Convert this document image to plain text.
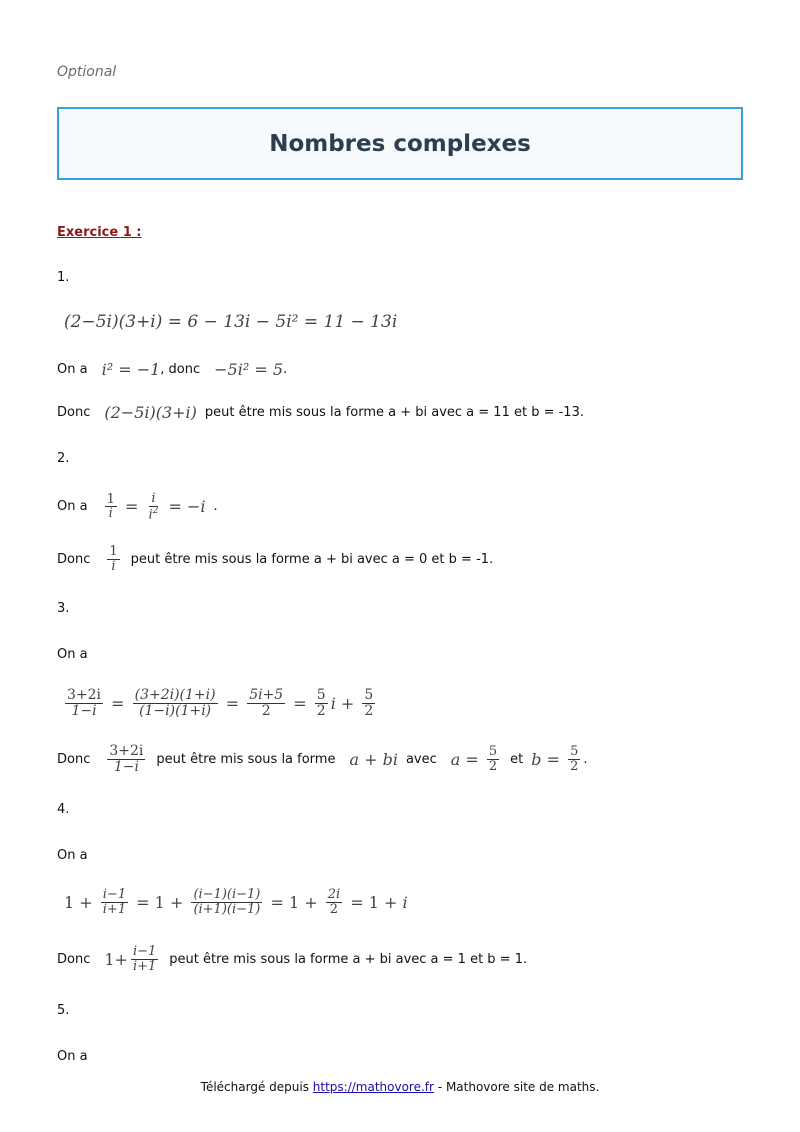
Optional
Nombres complexes
Exercice 1 :
1.
(2−5i)(3+i) = 6 − 13i − 5i² = 11 − 13i
On a i² = −1 , donc −5i² = 5 .
Donc (2−5i)(3+i) peut être mis sous la forme a + bi avec a = 11 et b = -13.
2.
On a $\frac{1}{i} = \frac{i}{i^2} = -i$ .
Donc $\frac{1}{i}$ peut être mis sous la forme a + bi avec a = 0 et b = -1.
3.
On a
$\frac{3+2i}{1-i} = \frac{(3+2i)(1+i)}{(1-i)(1+i)} = \frac{5i+5}{2} = \frac{5}{2}$ $i + \frac{5}{2}$
Donc $\frac{3+2i}{1-i}$ peut être mis sous la forme a + bi avec $a = \frac{5}{2}$ et $b = \frac{5}{2}$ .
4.
On a
$1 + \frac{i-1}{i+1} = 1 + \frac{(i-1)(i-1)}{(i+1)(i-1)} = 1 + \frac{2i}{2} = 1 + i$
Donc $1+ \frac{i-1}{i+1}$ peut être mis sous la forme a + bi avec a = 1 et b = 1.
5.
On a
Téléchargé depuis https://mathovore.fr - Mathovore site de maths.
